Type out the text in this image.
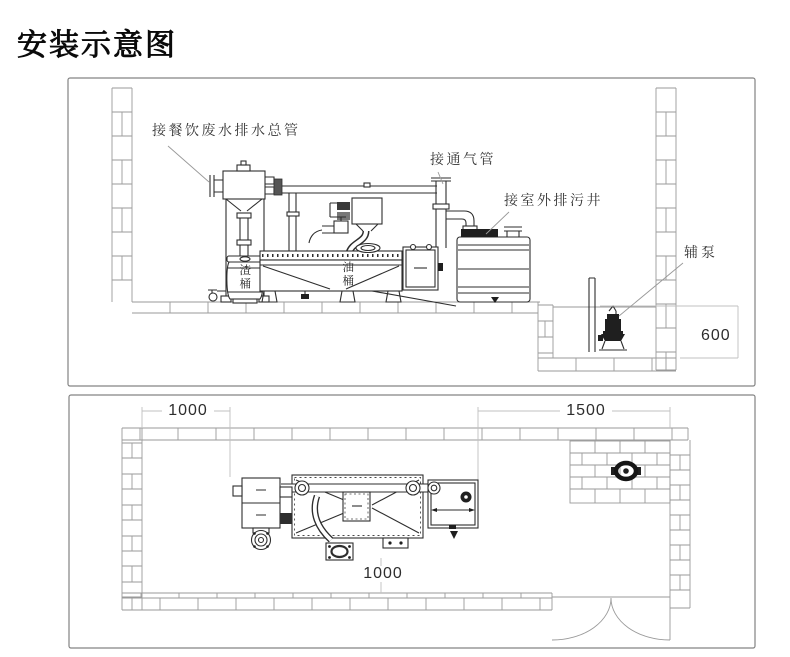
安装示意图
接餐饮废水排水总管
接通气管
接室外排污井
辅泵
渣桶	油桶
600
1000	1500
1000
